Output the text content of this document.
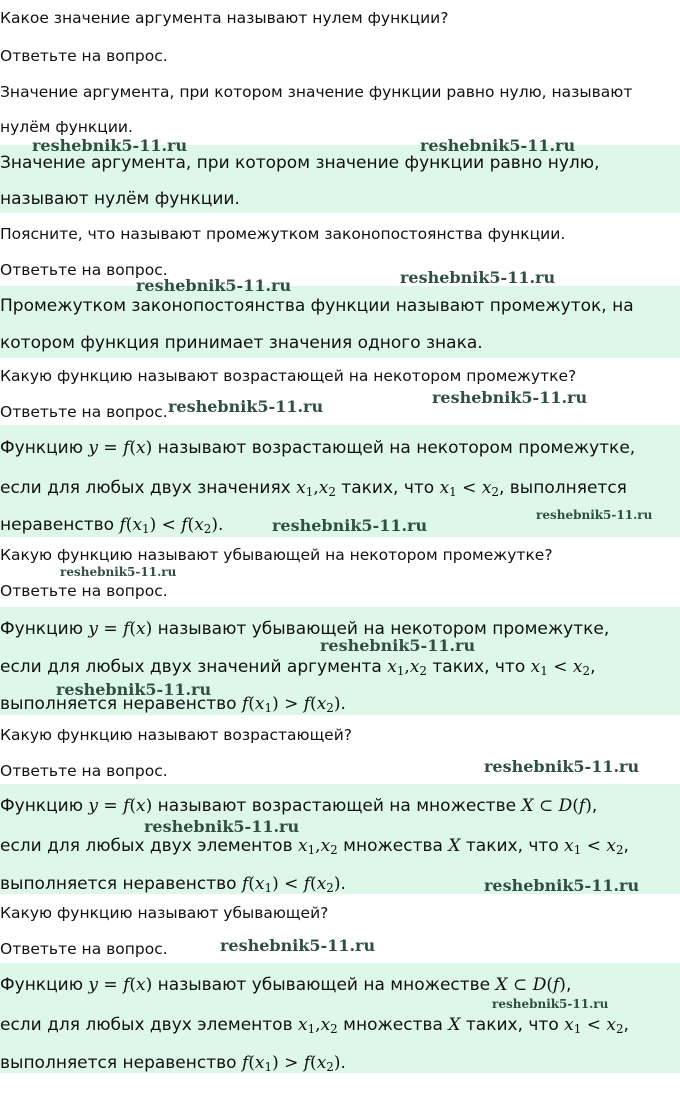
Какое значение аргумента называют нулем функции?

Ответьте на вопрос.

Значение аргумента, при котором значение функции равно нулю, называют

нулём функции.

Значение аргумента, при котором значение функции равно нулю,

называют нулём функции.

Поясните, что называют промежутком законопостоянства функции.

Ответьте на вопрос.

Промежутком законопостоянства функции называют промежуток, на

котором функция принимает значения одного знака.

Какую функцию называют возрастающей на некотором промежутке?

Ответьте на вопрос.

Функцию y = f(x) называют возрастающей на некотором промежутке,

если для любых двух значениях $x_1,x_2$ таких, что $x_1 < x_2$, выполняется

неравенство $f(x_1) < f(x_2)$.

Какую функцию называют убывающей на некотором промежутке?

Ответьте на вопрос.

Функцию y = f(x) называют убывающей на некотором промежутке,

если для любых двух значений аргумента $x_1,x_2$ таких, что $x_1 < x_2$,

выполняется неравенство $f(x_1) > f(x_2)$.

Какую функцию называют возрастающей?

Ответьте на вопрос.

Функцию y = f(x) называют возрастающей на множестве X ⊂ D(f),

если для любых двух элементов $x_1,x_2$ множества X таких, что $x_1 < x_2$,

выполняется неравенство $f(x_1) < f(x_2)$.

Какую функцию называют убывающей?

Ответьте на вопрос.

Функцию y = f(x) называют убывающей на множестве X ⊂ D(f),

если для любых двух элементов $x_1,x_2$ множества X таких, что $x_1 < x_2$,

выполняется неравенство $f(x_1) > f(x_2)$.

reshebnik5-11.ru	reshebnik5-11.ru
reshebnik5-11.ru
reshebnik5-11.ru
reshebnik5-11.ru
reshebnik5-11.ru
reshebnik5-11.ru
reshebnik5-11.ru
reshebnik5-11.ru
reshebnik5-11.ru
reshebnik5-11.ru
reshebnik5-11.ru
reshebnik5-11.ru
reshebnik5-11.ru
reshebnik5-11.ru
reshebnik5-11.ru
